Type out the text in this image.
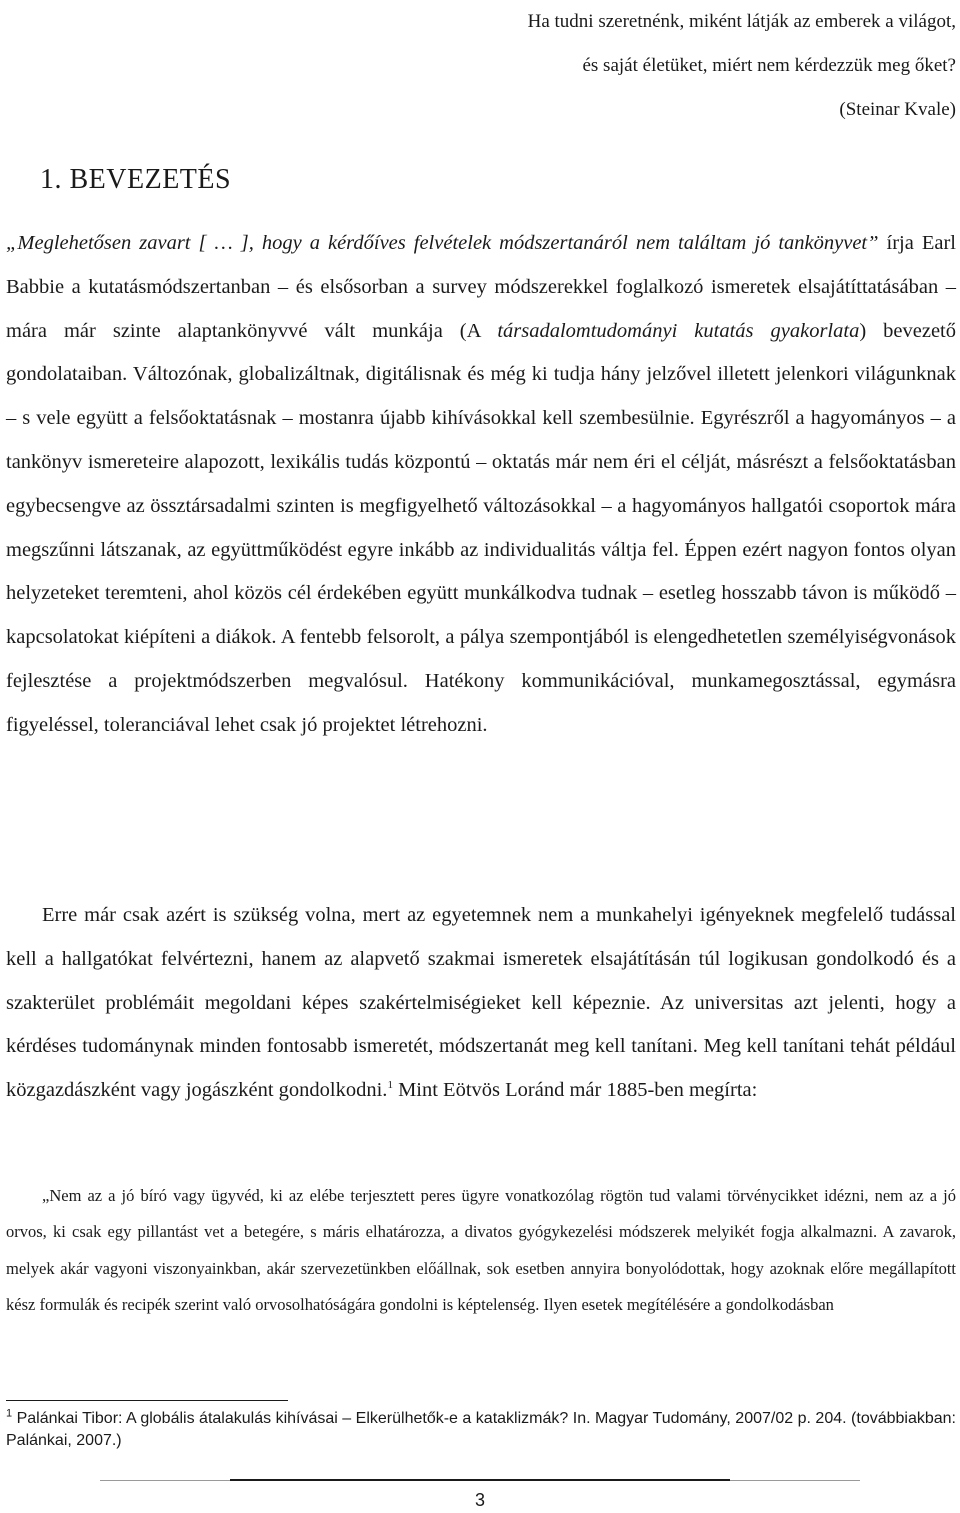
Ha tudni szeretnénk, miként látják az emberek a világot,
és saját életüket, miért nem kérdezzük meg őket?
(Steinar Kvale)
1. BEVEZETÉS

„Meglehetősen zavart [ … ], hogy a kérdőíves felvételek módszertanáról nem találtam jó tankönyvet” írja Earl Babbie a kutatásmódszertanban – és elsősorban a survey módszerekkel foglalkozó ismeretek elsajátíttatásában – mára már szinte alaptankönyvvé vált munkája (A társadalomtudományi kutatás gyakorlata) bevezető gondolataiban. Változónak, globalizáltnak, digitálisnak és még ki tudja hány jelzővel illetett jelenkori világunknak – s vele együtt a felsőoktatásnak – mostanra újabb kihívásokkal kell szembesülnie. Egyrészről a hagyományos – a tankönyv ismereteire alapozott, lexikális tudás központú – oktatás már nem éri el célját, másrészt a felsőoktatásban egybecsengve az össztársadalmi szinten is megfigyelhető változásokkal – a hagyományos hallgatói csoportok mára megszűnni látszanak, az együttműködést egyre inkább az individualitás váltja fel. Éppen ezért nagyon fontos olyan helyzeteket teremteni, ahol közös cél érdekében együtt munkálkodva tudnak – esetleg hosszabb távon is működő – kapcsolatokat kiépíteni a diákok. A fentebb felsorolt, a pálya szempontjából is elengedhetetlen személyiségvonások fejlesztése a projektmódszerben megvalósul. Hatékony kommunikációval, munkamegosztással, egymásra figyeléssel, toleranciával lehet csak jó projektet létrehozni.

Erre már csak azért is szükség volna, mert az egyetemnek nem a munkahelyi igényeknek megfelelő tudással kell a hallgatókat felvértezni, hanem az alapvető szakmai ismeretek elsajátításán túl logikusan gondolkodó és a szakterület problémáit megoldani képes szakértelmiségieket kell képeznie. Az universitas azt jelenti, hogy a kérdéses tudománynak minden fontosabb ismeretét, módszertanát meg kell tanítani. Meg kell tanítani tehát például közgazdászként vagy jogászként gondolkodni.$^1$ Mint Eötvös Loránd már 1885-ben megírta:

„Nem az a jó bíró vagy ügyvéd, ki az elébe terjesztett peres ügyre vonatkozólag rögtön tud valami törvénycikket idézni, nem az a jó orvos, ki csak egy pillantást vet a betegére, s máris elhatározza, a divatos gyógykezelési módszerek melyikét fogja alkalmazni. A zavarok, melyek akár vagyoni viszonyainkban, akár szervezetünkben előállnak, sok esetben annyira bonyolódottak, hogy azoknak előre megállapított kész formulák és recipék szerint való orvosolhatóságára gondolni is képtelenség. Ilyen esetek megítélésére a gondolkodásban

$^1$ Palánkai Tibor: A globális átalakulás kihívásai – Elkerülhetők-e a kataklizmák? In. Magyar Tudomány, 2007/02 p. 204. (továbbiakban: Palánkai, 2007.)

3
